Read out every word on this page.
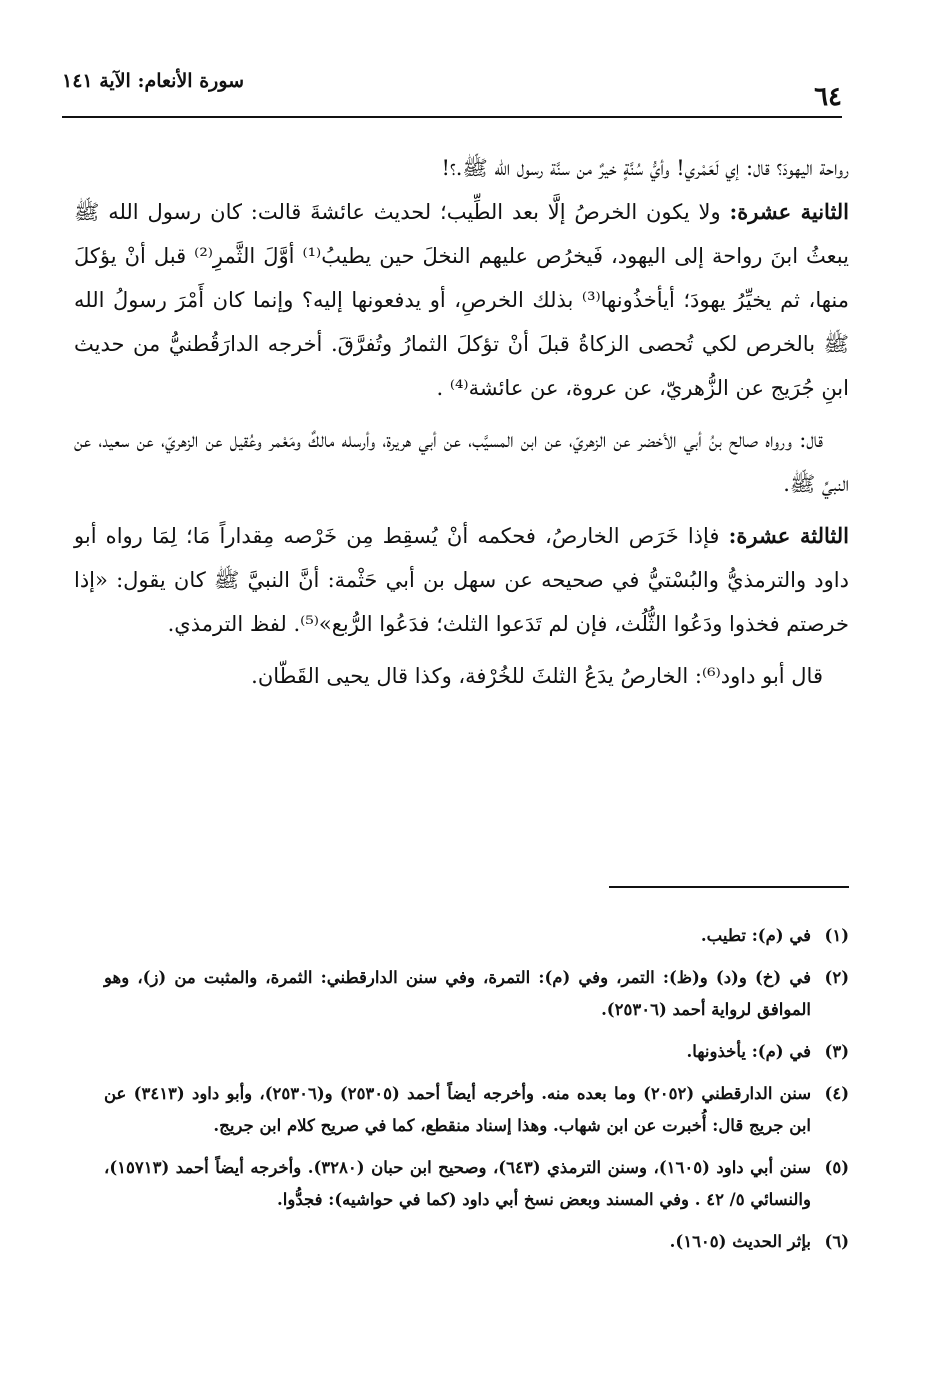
٦٤
سورة الأنعام: الآية ١٤١

رواحة اليهودَ؟ قال: إي لَعَمْري! وأيُّ سُنَّةٍ خيرٌ من سنَّة رسول الله ﷺ.؟!

الثانية عشرة: ولا يكون الخرصُ إلَّا بعد الطِّيب؛ لحديث عائشةَ قالت: كان رسول الله ﷺ يبعثُ ابنَ رواحة إلى اليهود، فَيخرُص عليهم النخلَ حين يطيبُ⁽¹⁾ أوَّلَ الثَّمرِ⁽²⁾ قبل أنْ يؤكلَ منها، ثم يخيِّرُ يهودَ؛ أيأخذُونها⁽³⁾ بذلك الخرصِ، أو يدفعونها إليه؟ وإنما كان أَمْرَ رسولُ الله ﷺ بالخرص لكي تُحصى الزكاةُ قبلَ أنْ تؤكلَ الثمارُ وتُفرَّقَ. أخرجه الدارَقُطنيُّ من حديث ابنِ جُرَيج عن الزُّهريّ، عن عروة، عن عائشة⁽⁴⁾ .

قال: ورواه صالح بنُ أبي الأخضر عن الزهريّ، عن ابن المسيَّب، عن أبي هريرة، وأرسله مالكٌ ومَعْمر وعُقيل عن الزهريّ، عن سعيد، عن النبيِّ ﷺ.

الثالثة عشرة: فإذا خَرَص الخارصُ، فحكمه أنْ يُسقِط مِن خَرْصه مِقداراً مَا؛ لِمَا رواه أبو داود والترمذيُّ والبُسْتيُّ في صحيحه عن سهل بن أبي حَثْمة: أنَّ النبيَّ ﷺ كان يقول: «إذا خرصتم فخذوا ودَعُوا الثُّلُث، فإن لم تَدَعوا الثلث؛ فدَعُوا الرُّبع»⁽⁵⁾. لفظ الترمذي.

قال أبو داود⁽⁶⁾: الخارصُ يدَعُ الثلثَ للخُرْفة، وكذا قال يحيى القَطّان.

(١)
في (م): تطيب.
(٢)
في (خ) و(د) و(ظ): التمر، وفي (م): التمرة، وفي سنن الدارقطني: الثمرة، والمثبت من (ز)، وهو الموافق لرواية أحمد (٢٥٣٠٦).
(٣)
في (م): يأخذونها.
(٤)
سنن الدارقطني (٢٠٥٢) وما بعده منه. وأخرجه أيضاً أحمد (٢٥٣٠٥) و(٢٥٣٠٦)، وأبو داود (٣٤١٣) عن ابن جريج قال: أُخبرت عن ابن شهاب. وهذا إسناد منقطع، كما في صريح كلام ابن جريج.
(٥)
سنن أبي داود (١٦٠٥)، وسنن الترمذي (٦٤٣)، وصحيح ابن حبان (٣٢٨٠). وأخرجه أيضاً أحمد (١٥٧١٣)، والنسائي ٥/ ٤٢ . وفي المسند وبعض نسخ أبي داود (كما في حواشيه): فجدُّوا.
(٦)
بإثر الحديث (١٦٠٥).
